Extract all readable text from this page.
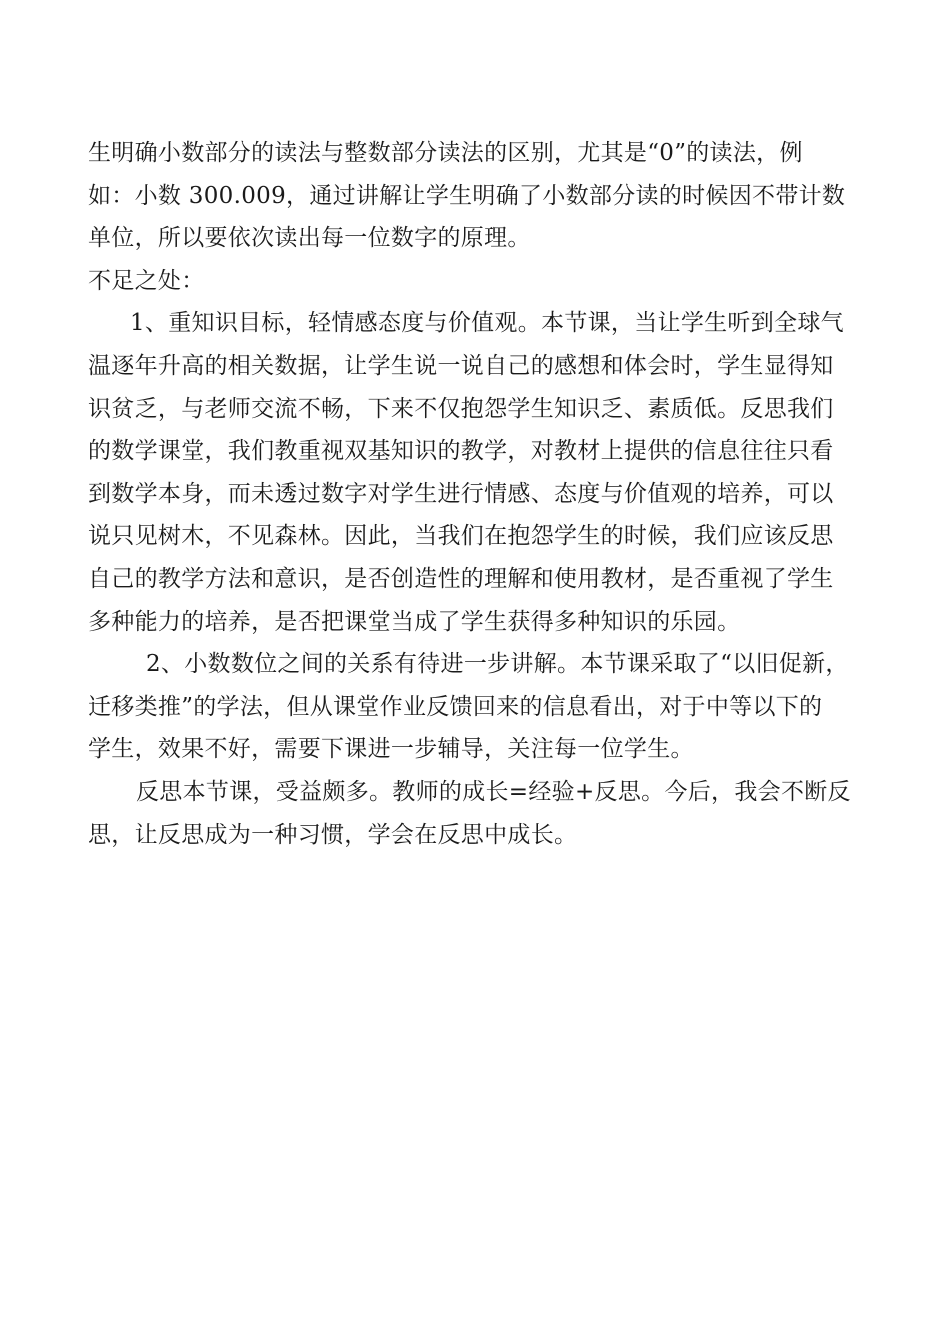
生明确小数部分的读法与整数部分读法的区别，尤其是“0”的读法，例
如：小数 300.009，通过讲解让学生明确了小数部分读的时候因不带计数
单位，所以要依次读出每一位数字的原理。
不足之处：
1、重知识目标，轻情感态度与价值观。本节课，当让学生听到全球气
温逐年升高的相关数据，让学生说一说自己的感想和体会时，学生显得知
识贫乏，与老师交流不畅，下来不仅抱怨学生知识乏、素质低。反思我们
的数学课堂，我们教重视双基知识的教学，对教材上提供的信息往往只看
到数学本身，而未透过数字对学生进行情感、态度与价值观的培养，可以
说只见树木，不见森林。因此，当我们在抱怨学生的时候，我们应该反思
自己的教学方法和意识，是否创造性的理解和使用教材，是否重视了学生
多种能力的培养，是否把课堂当成了学生获得多种知识的乐园。
2、小数数位之间的关系有待进一步讲解。本节课采取了“以旧促新，
迁移类推”的学法，但从课堂作业反馈回来的信息看出，对于中等以下的
学生，效果不好，需要下课进一步辅导，关注每一位学生。
反思本节课，受益颇多。教师的成长=经验+反思。今后，我会不断反
思，让反思成为一种习惯，学会在反思中成长。
